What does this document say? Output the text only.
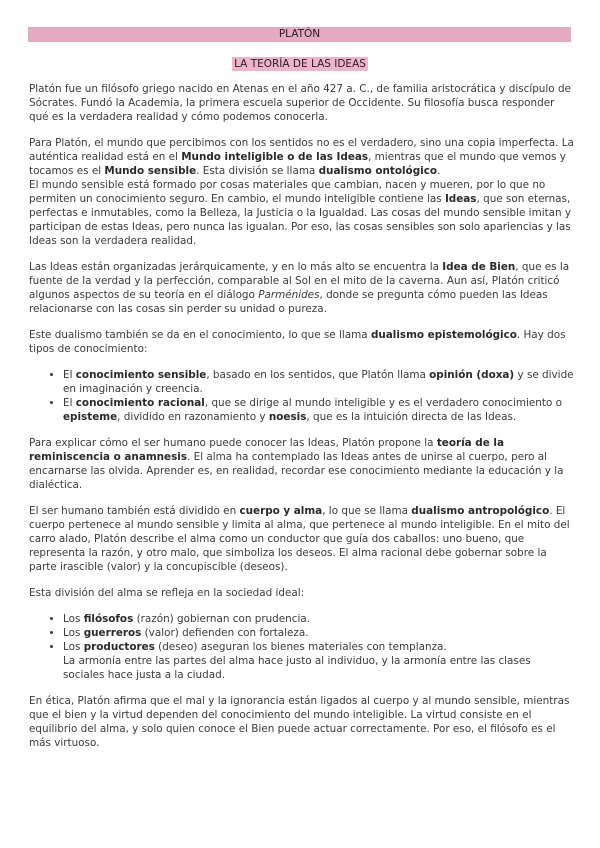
PLATÓN
LA TEORÍA DE LAS IDEAS

Platón fue un filósofo griego nacido en Atenas en el año 427 a. C., de familia aristocrática y discípulo de Sócrates. Fundó la Academia, la primera escuela superior de Occidente. Su filosofía busca responder qué es la verdadera realidad y cómo podemos conocerla.

Para Platón, el mundo que percibimos con los sentidos no es el verdadero, sino una copia imperfecta. La auténtica realidad está en el Mundo inteligible o de las Ideas, mientras que el mundo que vemos y tocamos es el Mundo sensible. Esta división se llama dualismo ontológico.

El mundo sensible está formado por cosas materiales que cambian, nacen y mueren, por lo que no permiten un conocimiento seguro. En cambio, el mundo inteligible contiene las Ideas, que son eternas, perfectas e inmutables, como la Belleza, la Justicia o la Igualdad. Las cosas del mundo sensible imitan y participan de estas Ideas, pero nunca las igualan. Por eso, las cosas sensibles son solo apariencias y las Ideas son la verdadera realidad.

Las Ideas están organizadas jerárquicamente, y en lo más alto se encuentra la Idea de Bien, que es la fuente de la verdad y la perfección, comparable al Sol en el mito de la caverna. Aun así, Platón criticó algunos aspectos de su teoría en el diálogo Parménides, donde se pregunta cómo pueden las Ideas relacionarse con las cosas sin perder su unidad o pureza.

Este dualismo también se da en el conocimiento, lo que se llama dualismo epistemológico. Hay dos tipos de conocimiento:

• El conocimiento sensible, basado en los sentidos, que Platón llama opinión (doxa) y se divide en imaginación y creencia.
• El conocimiento racional, que se dirige al mundo inteligible y es el verdadero conocimiento o episteme, dividido en razonamiento y noesis, que es la intuición directa de las Ideas.

Para explicar cómo el ser humano puede conocer las Ideas, Platón propone la teoría de la reminiscencia o anamnesis. El alma ha contemplado las Ideas antes de unirse al cuerpo, pero al encarnarse las olvida. Aprender es, en realidad, recordar ese conocimiento mediante la educación y la dialéctica.

El ser humano también está dividido en cuerpo y alma, lo que se llama dualismo antropológico. El cuerpo pertenece al mundo sensible y limita al alma, que pertenece al mundo inteligible. En el mito del carro alado, Platón describe el alma como un conductor que guía dos caballos: uno bueno, que representa la razón, y otro malo, que simboliza los deseos. El alma racional debe gobernar sobre la parte irascible (valor) y la concupiscible (deseos).

Esta división del alma se refleja en la sociedad ideal:

• Los filósofos (razón) gobiernan con prudencia.
• Los guerreros (valor) defienden con fortaleza.
• Los productores (deseo) aseguran los bienes materiales con templanza.
La armonía entre las partes del alma hace justo al individuo, y la armonía entre las clases sociales hace justa a la ciudad.

En ética, Platón afirma que el mal y la ignorancia están ligados al cuerpo y al mundo sensible, mientras que el bien y la virtud dependen del conocimiento del mundo inteligible. La virtud consiste en el equilibrio del alma, y solo quien conoce el Bien puede actuar correctamente. Por eso, el filósofo es el más virtuoso.
